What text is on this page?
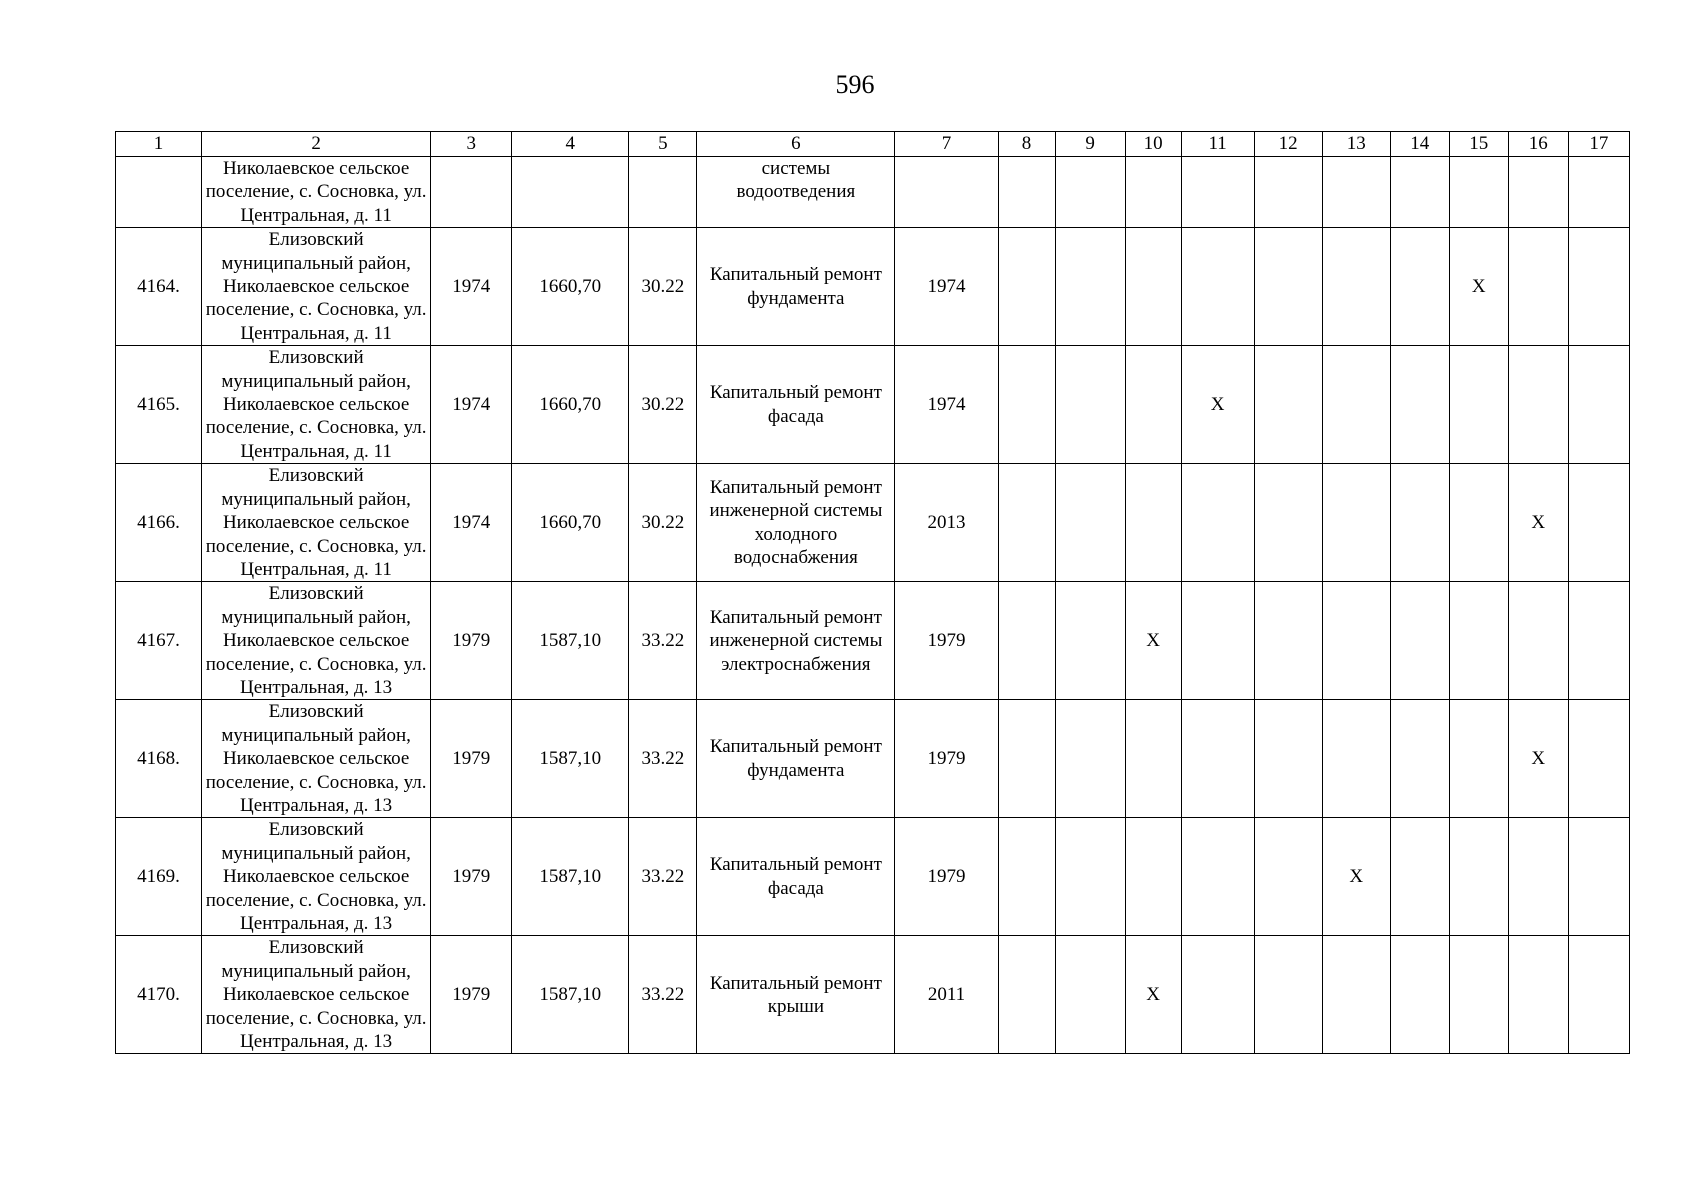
596
1	2	3	4	5	6	7	8	9	10	11	12	13	14	15	16	17
	Николаевское сельское поселение, с. Сосновка, ул. Центральная, д. 11				системы водоотведения											
4164.	Елизовский муниципальный район, Николаевское сельское поселение, с. Сосновка, ул. Центральная, д. 11	1974	1660,70	30.22	Капитальный ремонт фундамента	1974								X		
4165.	Елизовский муниципальный район, Николаевское сельское поселение, с. Сосновка, ул. Центральная, д. 11	1974	1660,70	30.22	Капитальный ремонт фасада	1974				X						
4166.	Елизовский муниципальный район, Николаевское сельское поселение, с. Сосновка, ул. Центральная, д. 11	1974	1660,70	30.22	Капитальный ремонт инженерной системы холодного водоснабжения	2013									X	
4167.	Елизовский муниципальный район, Николаевское сельское поселение, с. Сосновка, ул. Центральная, д. 13	1979	1587,10	33.22	Капитальный ремонт инженерной системы электроснабжения	1979			X							
4168.	Елизовский муниципальный район, Николаевское сельское поселение, с. Сосновка, ул. Центральная, д. 13	1979	1587,10	33.22	Капитальный ремонт фундамента	1979									X	
4169.	Елизовский муниципальный район, Николаевское сельское поселение, с. Сосновка, ул. Центральная, д. 13	1979	1587,10	33.22	Капитальный ремонт фасада	1979						X				
4170.	Елизовский муниципальный район, Николаевское сельское поселение, с. Сосновка, ул. Центральная, д. 13	1979	1587,10	33.22	Капитальный ремонт крыши	2011			X							
